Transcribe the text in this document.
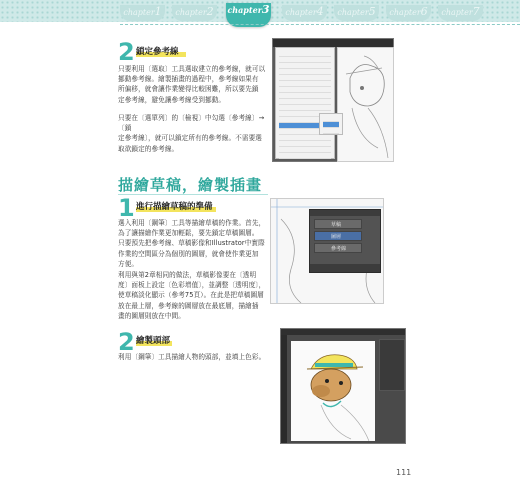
chapter1	chapter2	chapter3	chapter4	chapter5	chapter6	chapter7
2 鎖定參考線
只要利用〔選取〕工具選取建立的參考線，就可以
挪動參考線。繪製插畫的過程中，參考線如果有
所偏移，就會讓作業變得比較困難，所以要先鎖
定參考線，避免讓參考線受到挪動。
只要在〔選單列〕的〔檢視〕中勾選〔參考線〕→〔鎖
定參考線〕，就可以鎖定所有的參考線。不需要選
取欲鎖定的參考線。
描繪草稿，繪製插畫
1 進行描繪草稿的準備
選入利用〔鋼筆〕工具等描繪草稿的作業。首先，
為了讓描繪作業更加輕鬆，要先鎖定草稿圖層。
只要預先把參考線、草稿影像和Illustrator中實際
作業的空間區分為個別的圖層，就會使作業更加
方便。
利用與第2章相同的做法，草稿影像要在〔透明
度〕面板上設定〔色彩增值〕，並調整〔透明度〕，
使草稿淡化顯示（參考75頁）。在此是把草稿圖層
放在最上層，參考線的圖層放在最底層，描繪插
畫的圖層則放在中間。
草稿
圖層
參考線
2 繪製頭部
利用〔鋼筆〕工具描繪人物的頭部，並填上色彩。
111
